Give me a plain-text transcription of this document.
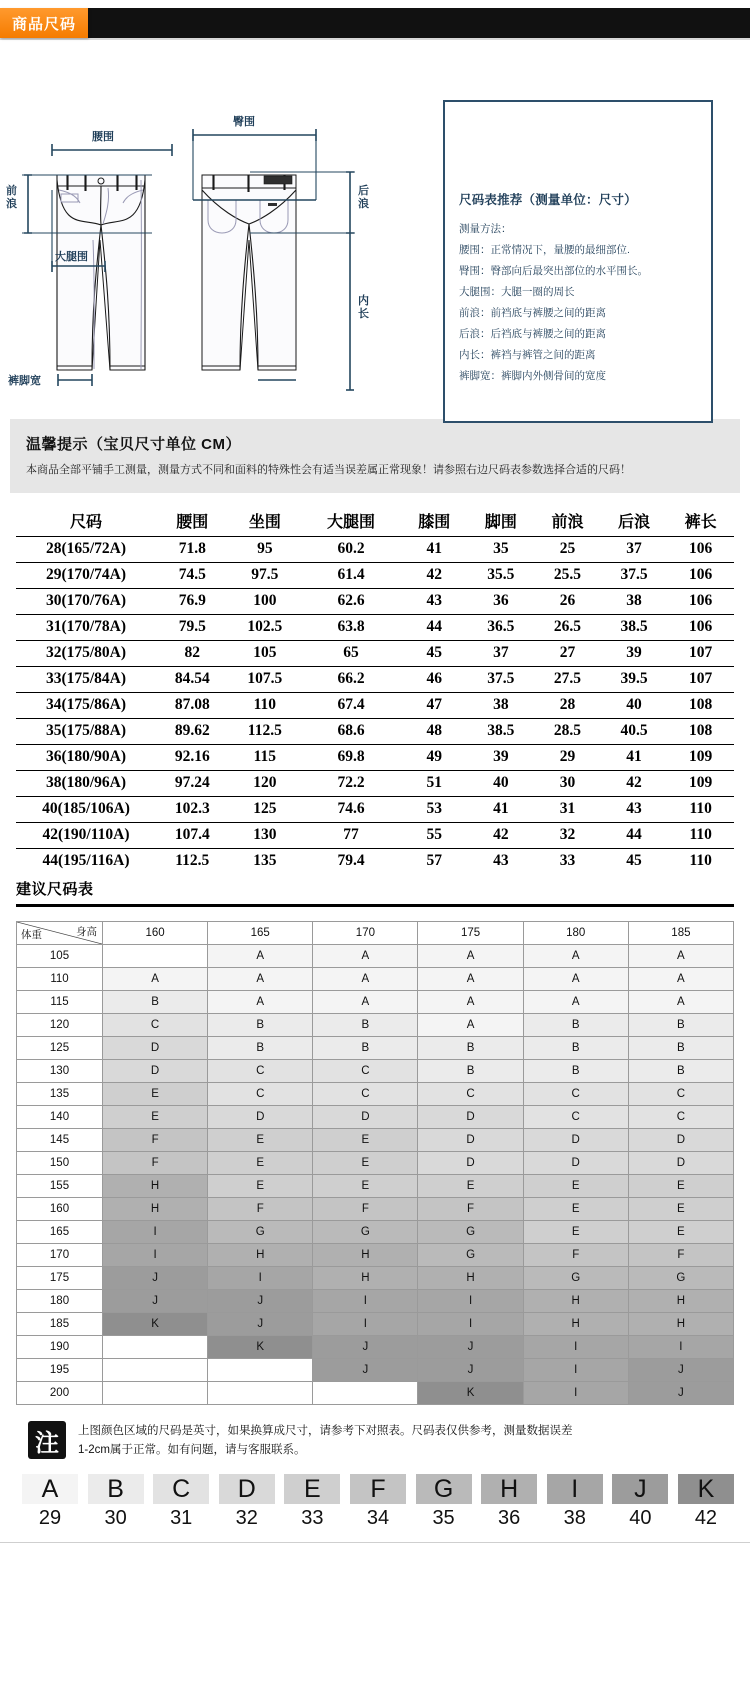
商品尺码
腰围
臀围
前浪
后浪
大腿围
内长
裤脚宽
尺码表推荐（测量单位：尺寸）
测量方法：
腰围：正常情况下，量腰的最细部位.
臀围：臀部向后最突出部位的水平围长。
大腿围：大腿一圈的周长
前浪：前裆底与裤腰之间的距离
后浪：后裆底与裤腰之间的距离
内长：裤裆与裤管之间的距离
裤脚宽：裤脚内外侧骨间的宽度
温馨提示（宝贝尺寸单位 CM）
本商品全部平铺手工测量，测量方式不同和面料的特殊性会有适当误差属正常现象！请参照右边尺码表参数选择合适的尺码！
尺码	腰围	坐围	大腿围	膝围	脚围	前浪	后浪	裤长
28(165/72A)	71.8	95	60.2	41	35	25	37	106
29(170/74A)	74.5	97.5	61.4	42	35.5	25.5	37.5	106
30(170/76A)	76.9	100	62.6	43	36	26	38	106
31(170/78A)	79.5	102.5	63.8	44	36.5	26.5	38.5	106
32(175/80A)	82	105	65	45	37	27	39	107
33(175/84A)	84.54	107.5	66.2	46	37.5	27.5	39.5	107
34(175/86A)	87.08	110	67.4	47	38	28	40	108
35(175/88A)	89.62	112.5	68.6	48	38.5	28.5	40.5	108
36(180/90A)	92.16	115	69.8	49	39	29	41	109
38(180/96A)	97.24	120	72.2	51	40	30	42	109
40(185/106A)	102.3	125	74.6	53	41	31	43	110
42(190/110A)	107.4	130	77	55	42	32	44	110
44(195/116A)	112.5	135	79.4	57	43	33	45	110
建议尺码表
身高
体重	160	165	170	175	180	185
105		A	A	A	A	A
110	A	A	A	A	A	A
115	B	A	A	A	A	A
120	C	B	B	A	B	B
125	D	B	B	B	B	B
130	D	C	C	B	B	B
135	E	C	C	C	C	C
140	E	D	D	D	C	C
145	F	E	E	D	D	D
150	F	E	E	D	D	D
155	H	E	E	E	E	E
160	H	F	F	F	E	E
165	I	G	G	G	E	E
170	I	H	H	G	F	F
175	J	I	H	H	G	G
180	J	J	I	I	H	H
185	K	J	I	I	H	H
190		K	J	J	I	I
195			J	J	I	J
200				K	I	J
注	上图颜色区域的尺码是英寸，如果换算成尺寸，请参考下对照表。尺码表仅供参考，测量数据误差
1-2cm属于正常。如有问题，请与客服联系。
A
29
B
30
C
31
D
32
E
33
F
34
G
35
H
36
I
38
J
40
K
42
